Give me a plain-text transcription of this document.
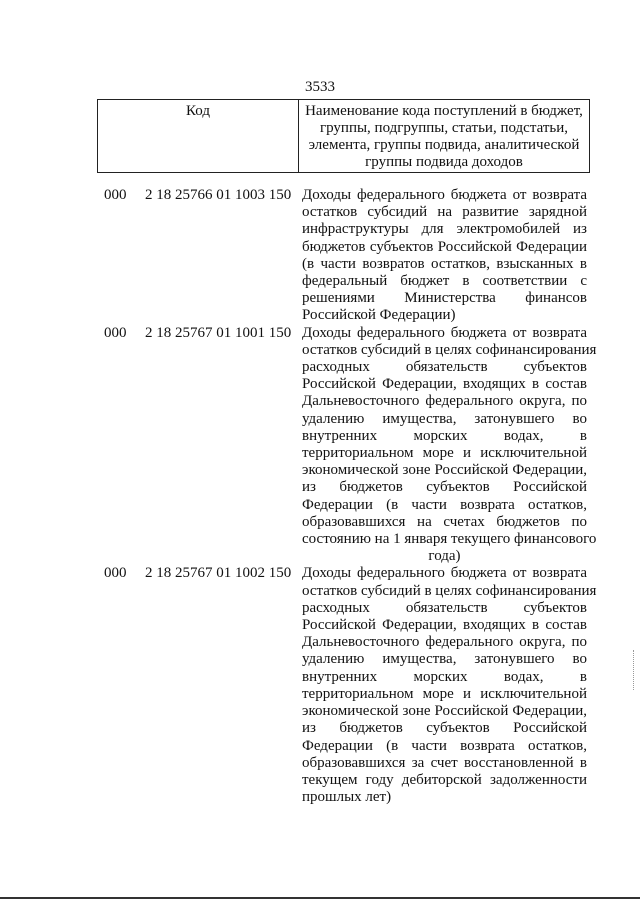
3533
Код	Наименование кода поступлений в бюджет,
группы, подгруппы, статьи, подстатьи,
элемента, группы подвида, аналитической
группы подвида доходов
000	2 18 25766 01 1003 150 Доходы федерального бюджета от возврата
остатков субсидий на развитие зарядной
инфраструктуры для электромобилей из
бюджетов субъектов Российской Федерации
(в части возвратов остатков, взысканных в
федеральный бюджет в соответствии с
решениями Министерства финансов
Российской Федерации)
000	2 18 25767 01 1001 150 Доходы федерального бюджета от возврата
остатков субсидий в целях софинансирования
расходных обязательств субъектов
Российской Федерации, входящих в состав
Дальневосточного федерального округа, по
удалению имущества, затонувшего во
внутренних морских водах, в
территориальном море и исключительной
экономической зоне Российской Федерации,
из бюджетов субъектов Российской
Федерации (в части возврата остатков,
образовавшихся на счетах бюджетов по
состоянию на 1 января текущего финансового
года)
000	2 18 25767 01 1002 150 Доходы федерального бюджета от возврата
остатков субсидий в целях софинансирования
расходных обязательств субъектов
Российской Федерации, входящих в состав
Дальневосточного федерального округа, по
удалению имущества, затонувшего во
внутренних морских водах, в
территориальном море и исключительной
экономической зоне Российской Федерации,
из бюджетов субъектов Российской
Федерации (в части возврата остатков,
образовавшихся за счет восстановленной в
текущем году дебиторской задолженности
прошлых лет)
